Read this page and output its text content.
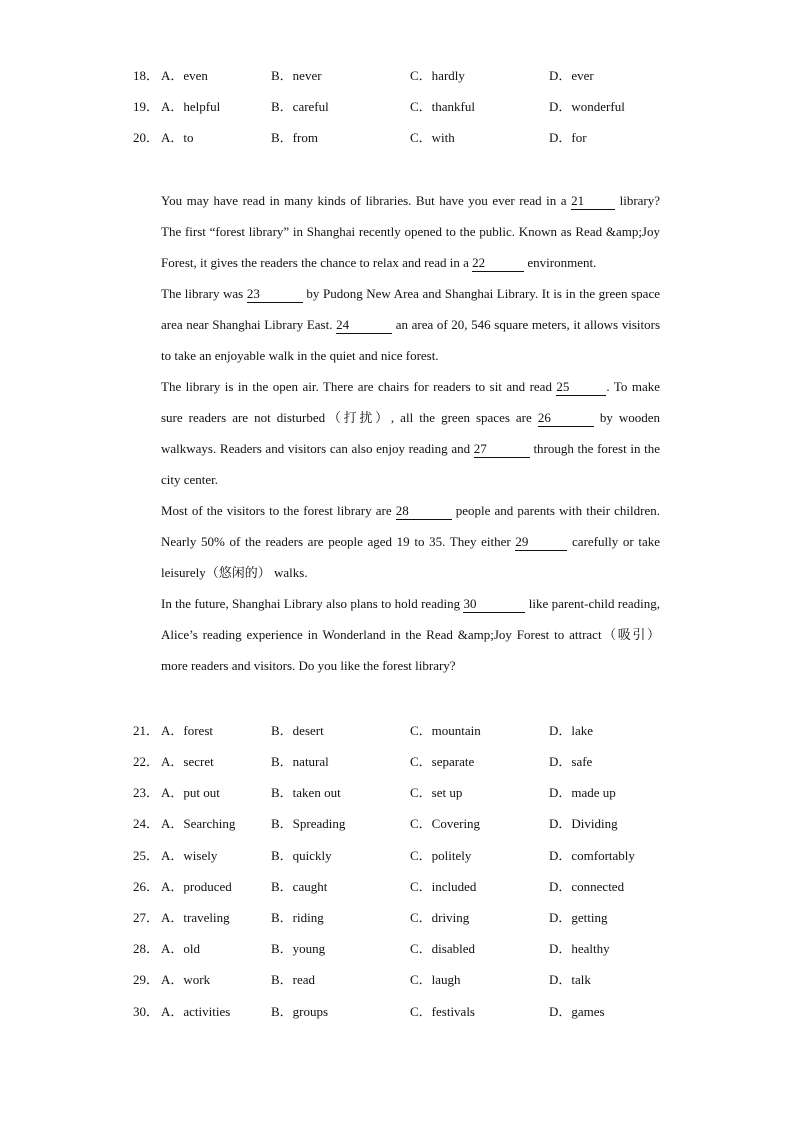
18． A．even	B．never	C．hardly	D．ever
19． A．helpful	B．careful	C．thankful	D．wonderful
20． A．to	B．from	C．with	D．for
You may have read in many kinds of libraries. But have you ever read in a 21	library? The first “forest library” in Shanghai recently opened to the public. Known as Read &amp;Joy Forest, it gives the readers the chance to relax and read in a 22	environment.
The library was 23	by Pudong New Area and Shanghai Library. It is in the green space area near Shanghai Library East. 24	an area of 20, 546 square meters, it allows visitors to take an enjoyable walk in the quiet and nice forest.
The library is in the open air. There are chairs for readers to sit and read 25	. To make sure readers are not disturbed（打扰）, all the green spaces are 26	by wooden walkways. Readers and visitors can also enjoy reading and 27	through the forest in the city center.
Most of the visitors to the forest library are 28	people and parents with their children. Nearly 50% of the readers are people aged 19 to 35. They either 29	carefully or take leisurely（悠闲的） walks.
In the future, Shanghai Library also plans to hold reading 30	like parent-child reading, Alice’s reading experience in Wonderland in the Read &amp;Joy Forest to attract（吸引）more readers and visitors. Do you like the forest library?
21． A．forest	B．desert	C．mountain	D．lake
22． A．secret	B．natural	C．separate	D．safe
23． A．put out	B．taken out	C．set up	D．made up
24． A．Searching	B．Spreading	C．Covering	D．Dividing
25． A．wisely	B．quickly	C．politely	D．comfortably
26． A．produced	B．caught	C．included	D．connected
27． A．traveling	B．riding	C．driving	D．getting
28． A．old	B．young	C．disabled	D．healthy
29． A．work	B．read	C．laugh	D．talk
30． A．activities	B．groups	C．festivals	D．games
